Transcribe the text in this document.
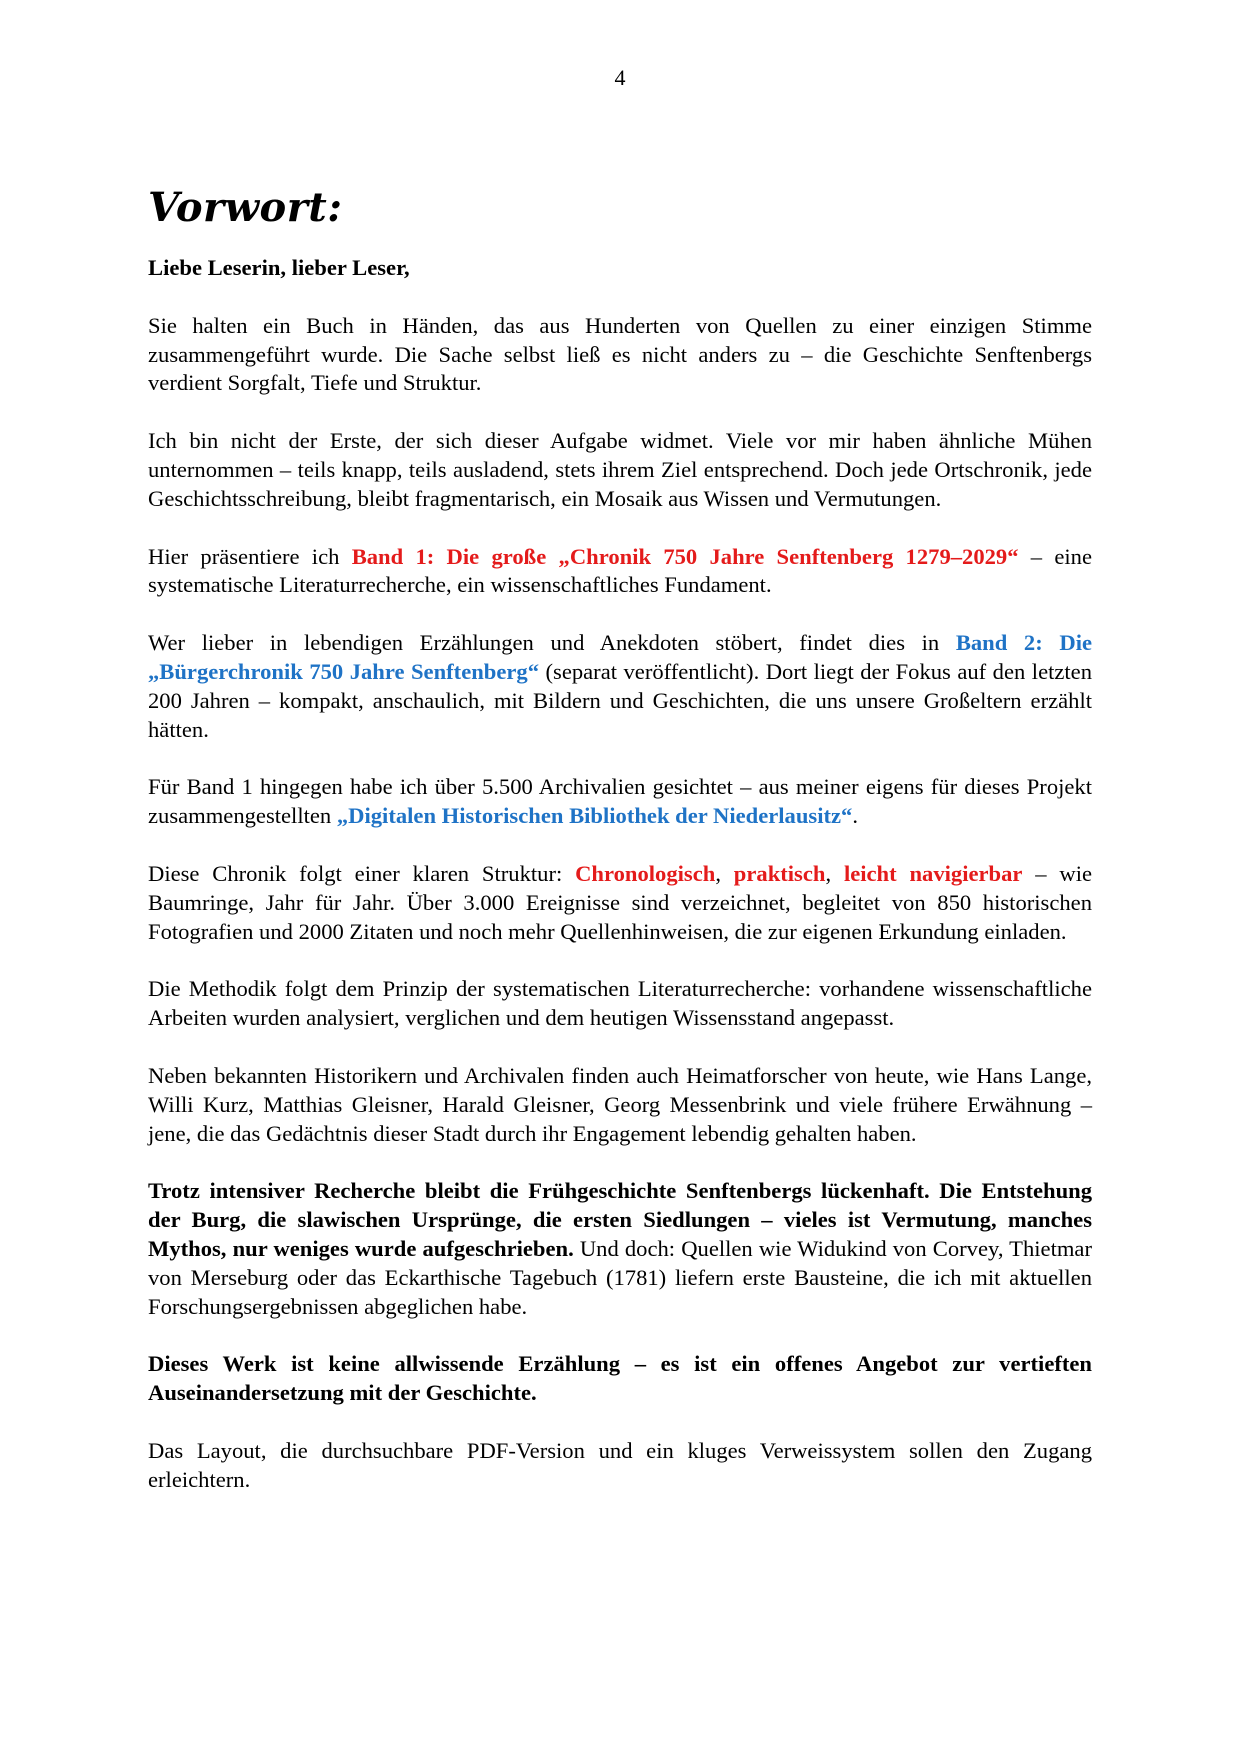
4
Vorwort:
Liebe Leserin, lieber Leser,

Sie halten ein Buch in Händen, das aus Hunderten von Quellen zu einer einzigen Stimme zusammengeführt wurde. Die Sache selbst ließ es nicht anders zu – die Geschichte Senftenbergs verdient Sorgfalt, Tiefe und Struktur.

Ich bin nicht der Erste, der sich dieser Aufgabe widmet. Viele vor mir haben ähnliche Mühen unternommen – teils knapp, teils ausladend, stets ihrem Ziel entsprechend. Doch jede Ortschronik, jede Geschichtsschreibung, bleibt fragmentarisch, ein Mosaik aus Wissen und Vermutungen.

Hier präsentiere ich Band 1: Die große „Chronik 750 Jahre Senftenberg 1279–2029“ – eine systematische Literaturrecherche, ein wissenschaftliches Fundament.

Wer lieber in lebendigen Erzählungen und Anekdoten stöbert, findet dies in Band 2: Die „Bürgerchronik 750 Jahre Senftenberg“ (separat veröffentlicht). Dort liegt der Fokus auf den letzten 200 Jahren – kompakt, anschaulich, mit Bildern und Geschichten, die uns unsere Großeltern erzählt hätten.

Für Band 1 hingegen habe ich über 5.500 Archivalien gesichtet – aus meiner eigens für dieses Projekt zusammengestellten „Digitalen Historischen Bibliothek der Niederlausitz“.

Diese Chronik folgt einer klaren Struktur: Chronologisch, praktisch, leicht navigierbar – wie Baumringe, Jahr für Jahr. Über 3.000 Ereignisse sind verzeichnet, begleitet von 850 historischen Fotografien und 2000 Zitaten und noch mehr Quellenhinweisen, die zur eigenen Erkundung einladen.

Die Methodik folgt dem Prinzip der systematischen Literaturrecherche: vorhandene wissenschaftliche Arbeiten wurden analysiert, verglichen und dem heutigen Wissensstand angepasst.

Neben bekannten Historikern und Archivalen finden auch Heimatforscher von heute, wie Hans Lange, Willi Kurz, Matthias Gleisner, Harald Gleisner, Georg Messenbrink und viele frühere Erwähnung – jene, die das Gedächtnis dieser Stadt durch ihr Engagement lebendig gehalten haben.

Trotz intensiver Recherche bleibt die Frühgeschichte Senftenbergs lückenhaft. Die Entstehung der Burg, die slawischen Ursprünge, die ersten Siedlungen – vieles ist Vermutung, manches Mythos, nur weniges wurde aufgeschrieben. Und doch: Quellen wie Widukind von Corvey, Thietmar von Merseburg oder das Eckarthische Tagebuch (1781) liefern erste Bausteine, die ich mit aktuellen Forschungsergebnissen abgeglichen habe.

Dieses Werk ist keine allwissende Erzählung – es ist ein offenes Angebot zur vertieften Auseinandersetzung mit der Geschichte.

Das Layout, die durchsuchbare PDF-Version und ein kluges Verweissystem sollen den Zugang erleichtern.
